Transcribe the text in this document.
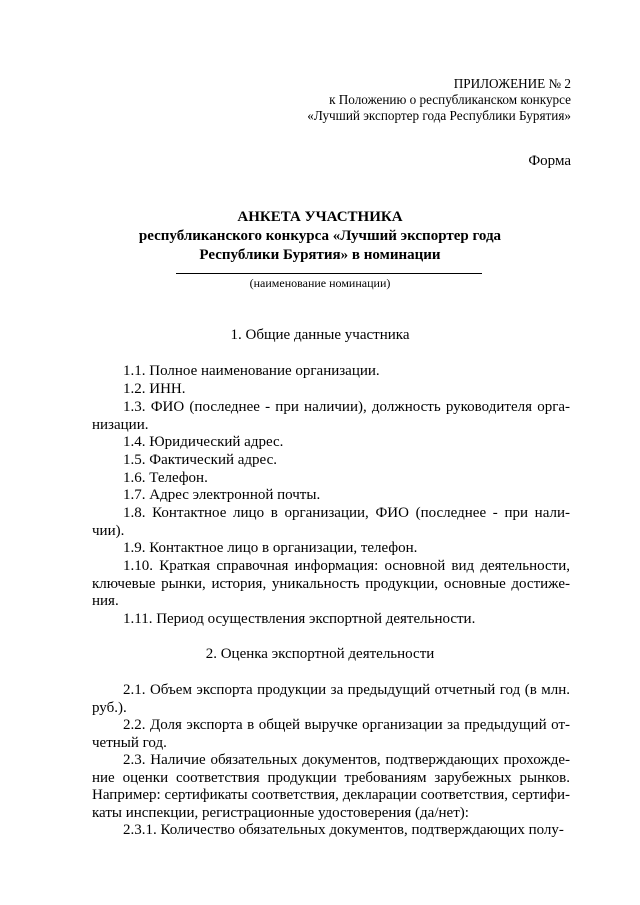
ПРИЛОЖЕНИЕ № 2
к Положению о республиканском конкурсе
«Лучший экспортер года Республики Бурятия»
Форма
АНКЕТА УЧАСТНИКА
республиканского конкурса «Лучший экспортер года
Республики Бурятия» в номинации
(наименование номинации)
1. Общие данные участника
1.1. Полное наименование организации.
1.2. ИНН.
1.3. ФИО (последнее - при наличии), должность руководителя орга-низации.
1.4. Юридический адрес.
1.5. Фактический адрес.
1.6. Телефон.
1.7. Адрес электронной почты.
1.8. Контактное лицо в организации, ФИО (последнее - при нали-чии).
1.9. Контактное лицо в организации, телефон.
1.10. Краткая справочная информация: основной вид деятельности, ключевые рынки, история, уникальность продукции, основные достиже-ния.
1.11. Период осуществления экспортной деятельности.
2. Оценка экспортной деятельности
2.1. Объем экспорта продукции за предыдущий отчетный год (в млн. руб.).
2.2. Доля экспорта в общей выручке организации за предыдущий от-четный год.
2.3. Наличие обязательных документов, подтверждающих прохожде-ние оценки соответствия продукции требованиям зарубежных рынков. Например: сертификаты соответствия, декларации соответствия, сертифи-каты инспекции, регистрационные удостоверения (да/нет):
2.3.1. Количество обязательных документов, подтверждающих полу-
